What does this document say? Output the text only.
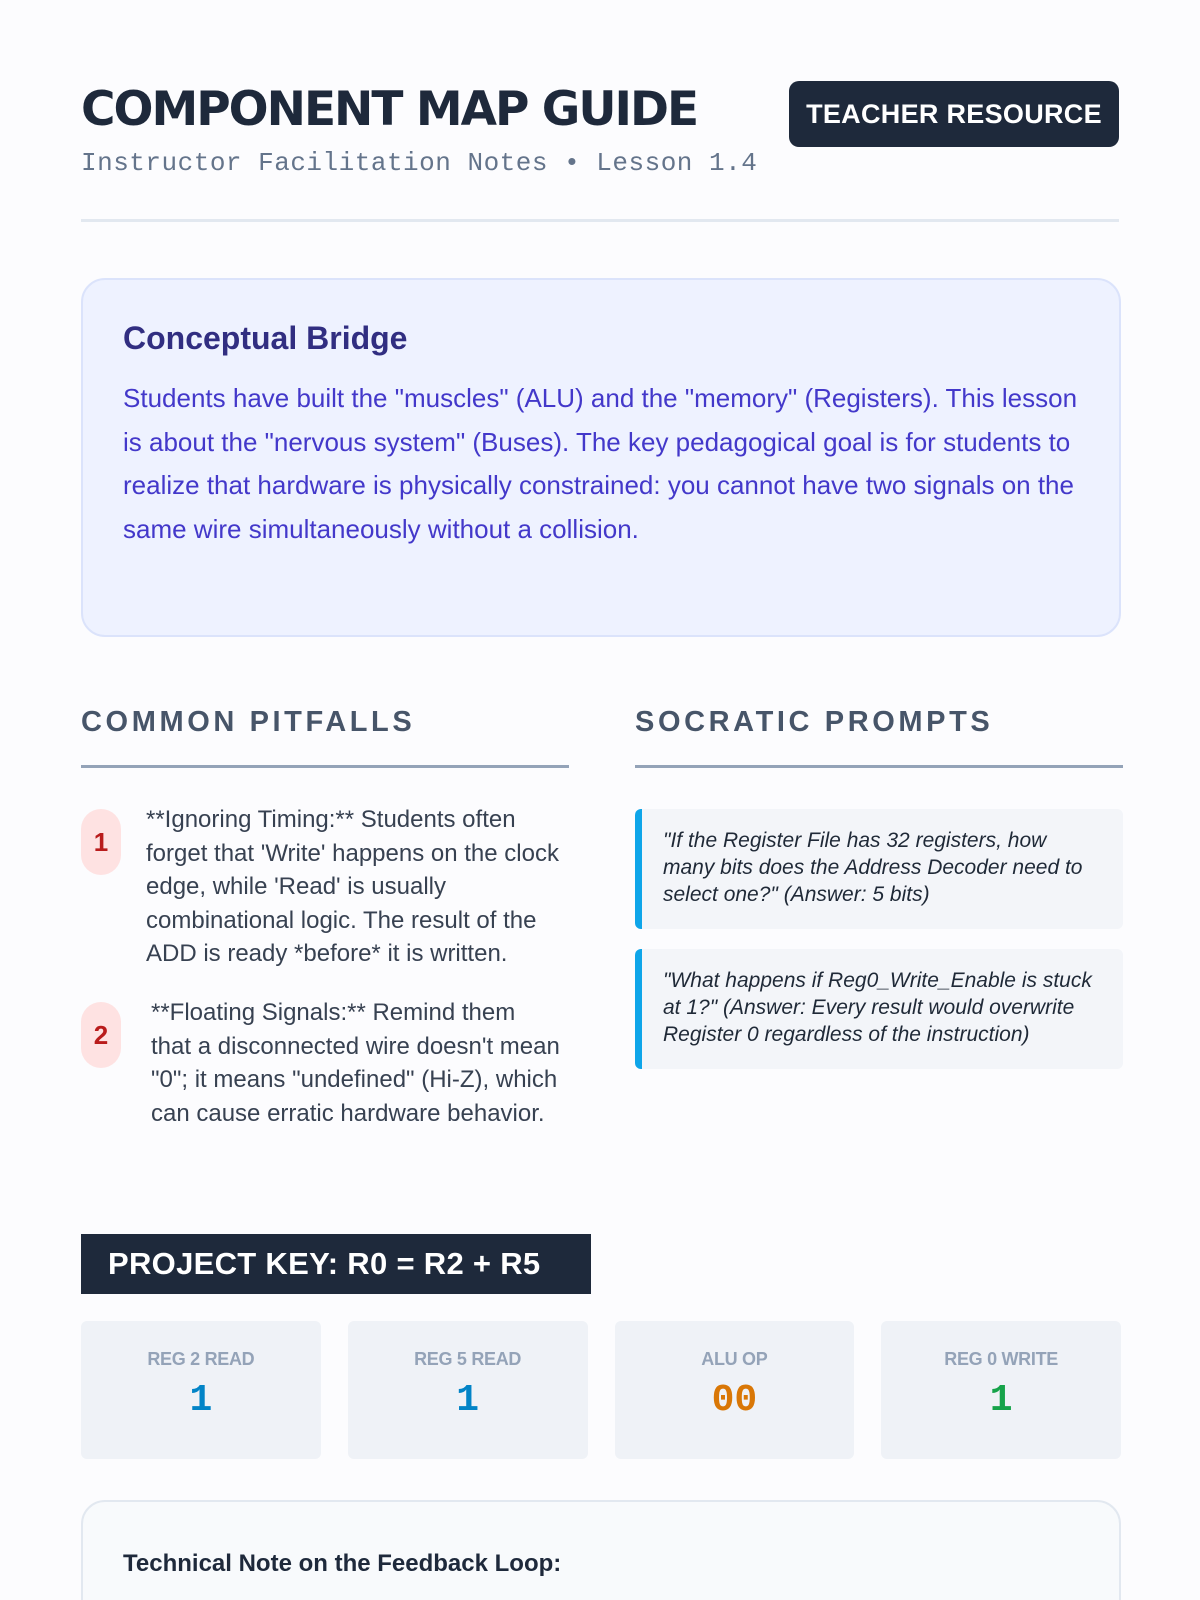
COMPONENT MAP GUIDE
Instructor Facilitation Notes • Lesson 1.4
TEACHER RESOURCE
Conceptual Bridge

Students have built the "muscles" (ALU) and the "memory" (Registers). This lesson is about the "nervous system" (Buses). The key pedagogical goal is for students to realize that hardware is physically constrained: you cannot have two signals on the same wire simultaneously without a collision.

COMMON PITFALLS
1

**Ignoring Timing:** Students often forget that 'Write' happens on the clock edge, while 'Read' is usually combinational logic. The result of the ADD is ready *before* it is written.

2

**Floating Signals:** Remind them that a disconnected wire doesn't mean "0"; it means "undefined" (Hi-Z), which can cause erratic hardware behavior.

SOCRATIC PROMPTS
"If the Register File has 32 registers, how many bits does the Address Decoder need to select one?" (Answer: 5 bits)
"What happens if Reg0_Write_Enable is stuck at 1?" (Answer: Every result would overwrite Register 0 regardless of the instruction)
PROJECT KEY: R0 = R2 + R5
REG 2 READ
1
REG 5 READ
1
ALU OP
00
REG 0 WRITE
1
Technical Note on the Feedback Loop:
